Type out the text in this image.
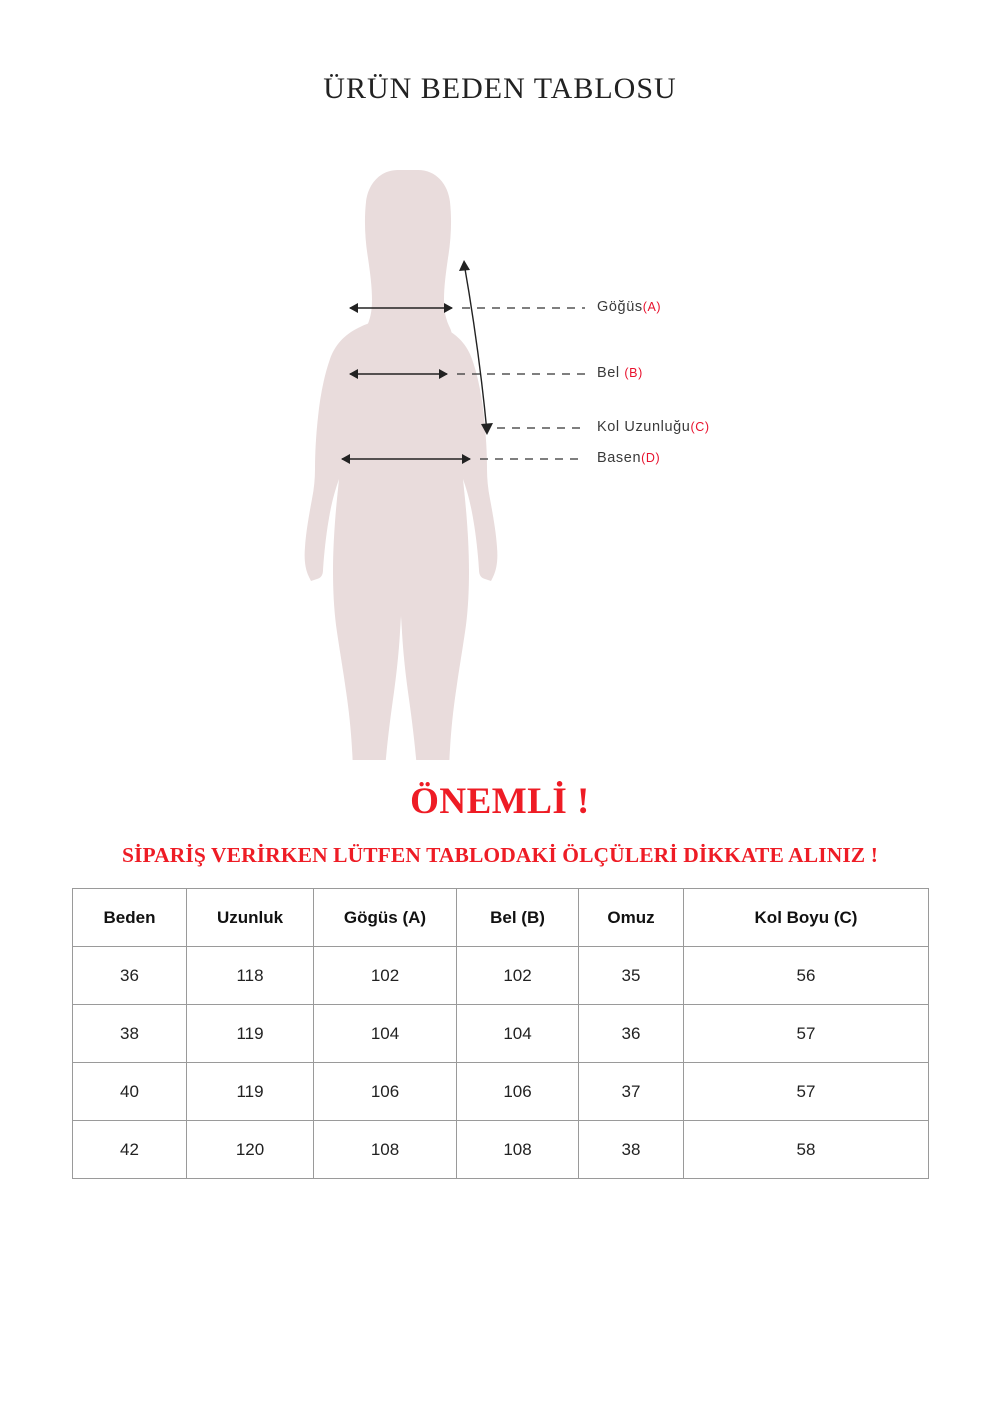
ÜRÜN BEDEN TABLOSU
Göğüs(A)
Bel (B)
Kol Uzunluğu(C)
Basen(D)
ÖNEMLİ !
SİPARİŞ VERİRKEN LÜTFEN TABLODAKİ ÖLÇÜLERİ DİKKATE ALINIZ !
Beden	Uzunluk	Gögüs (A)	Bel (B)	Omuz	Kol Boyu (C)
36	118	102	102	35	56
38	119	104	104	36	57
40	119	106	106	37	57
42	120	108	108	38	58
